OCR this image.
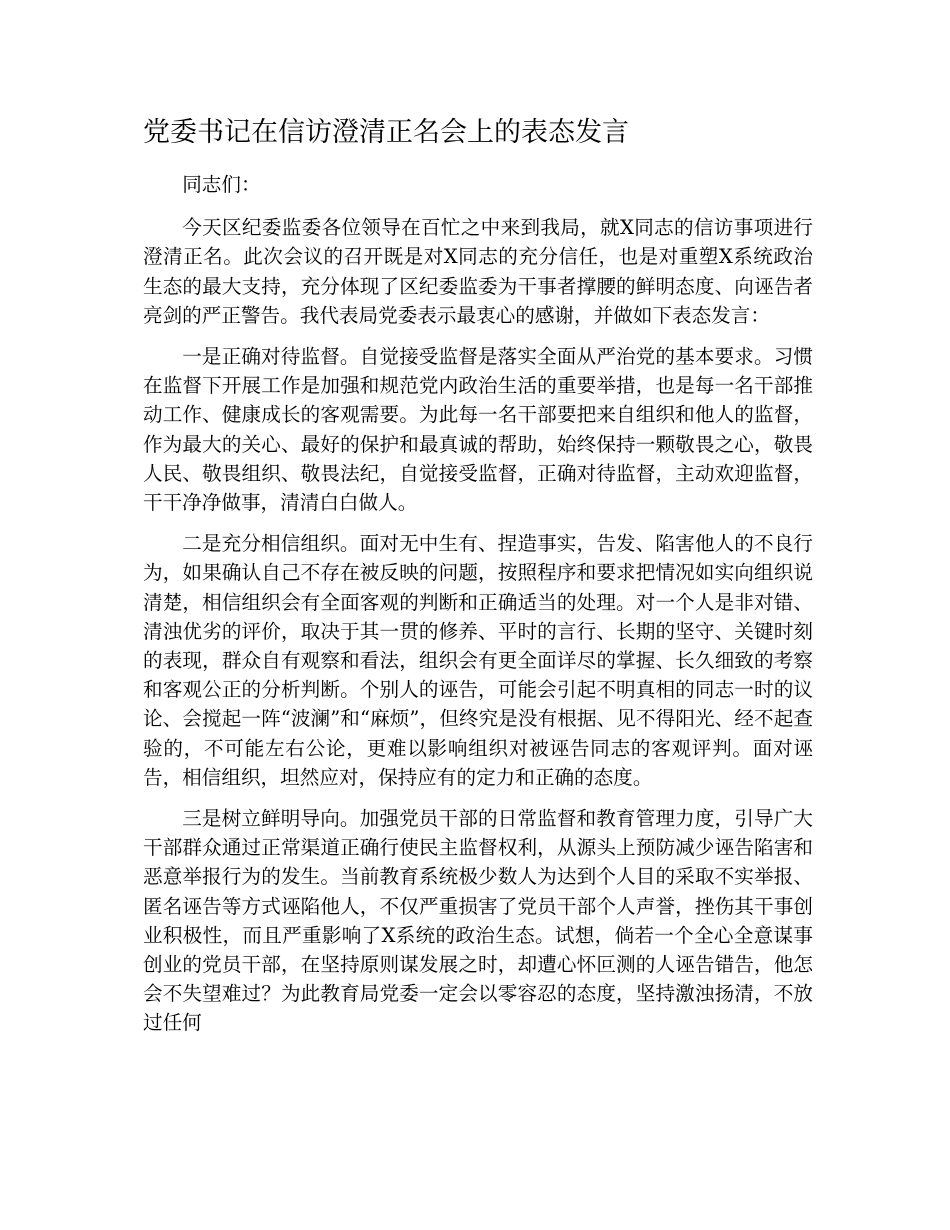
党委书记在信访澄清正名会上的表态发言

同志们：

今天区纪委监委各位领导在百忙之中来到我局，就X同志的信访事项进行澄清正名。此次会议的召开既是对X同志的充分信任，也是对重塑X系统政治生态的最大支持，充分体现了区纪委监委为干事者撑腰的鲜明态度、向诬告者亮剑的严正警告。我代表局党委表示最衷心的感谢，并做如下表态发言：

一是正确对待监督。自觉接受监督是落实全面从严治党的基本要求。习惯在监督下开展工作是加强和规范党内政治生活的重要举措，也是每一名干部推动工作、健康成长的客观需要。为此每一名干部要把来自组织和他人的监督，作为最大的关心、最好的保护和最真诚的帮助，始终保持一颗敬畏之心，敬畏人民、敬畏组织、敬畏法纪，自觉接受监督，正确对待监督，主动欢迎监督，干干净净做事，清清白白做人。

二是充分相信组织。面对无中生有、捏造事实，告发、陷害他人的不良行为，如果确认自己不存在被反映的问题，按照程序和要求把情况如实向组织说清楚，相信组织会有全面客观的判断和正确适当的处理。对一个人是非对错、清浊优劣的评价，取决于其一贯的修养、平时的言行、长期的坚守、关键时刻的表现，群众自有观察和看法，组织会有更全面详尽的掌握、长久细致的考察和客观公正的分析判断。个别人的诬告，可能会引起不明真相的同志一时的议论、会搅起一阵“波澜”和“麻烦”，但终究是没有根据、见不得阳光、经不起查验的，不可能左右公论，更难以影响组织对被诬告同志的客观评判。面对诬告，相信组织，坦然应对，保持应有的定力和正确的态度。

三是树立鲜明导向。加强党员干部的日常监督和教育管理力度，引导广大干部群众通过正常渠道正确行使民主监督权利，从源头上预防减少诬告陷害和恶意举报行为的发生。当前教育系统极少数人为达到个人目的采取不实举报、匿名诬告等方式诬陷他人，不仅严重损害了党员干部个人声誉，挫伤其干事创业积极性，而且严重影响了X系统的政治生态。试想，倘若一个全心全意谋事创业的党员干部，在坚持原则谋发展之时，却遭心怀叵测的人诬告错告，他怎会不失望难过？为此教育局党委一定会以零容忍的态度，坚持激浊扬清，不放过任何
